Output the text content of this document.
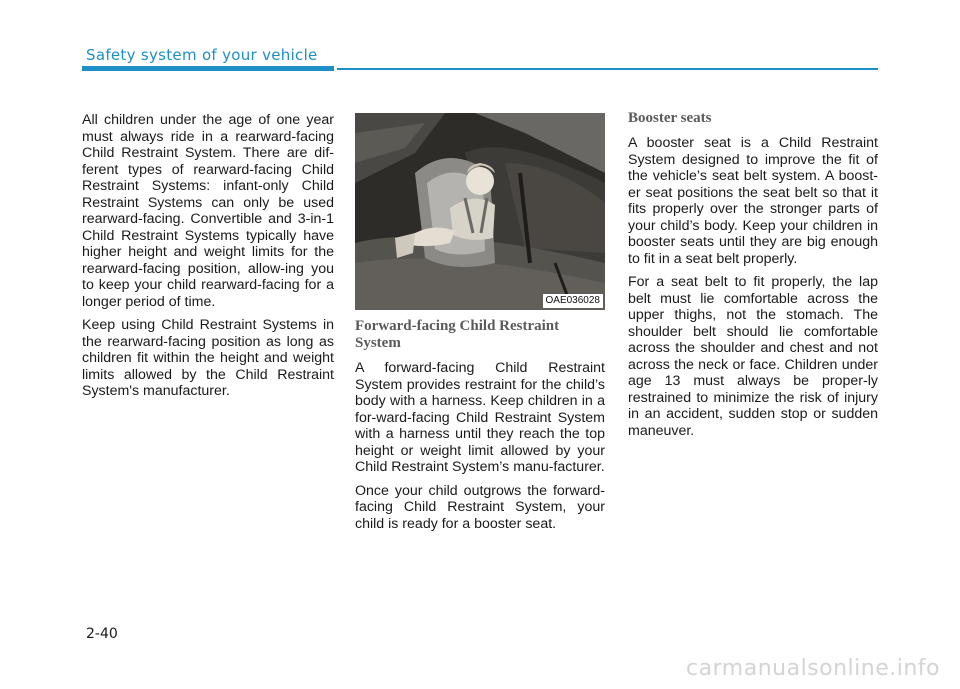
Safety system of your vehicle

All children under the age of one year must always ride in a rearward-facing Child Restraint System. There are dif-ferent types of rearward-facing Child Restraint Systems: infant-only Child Restraint Systems can only be used rearward-facing. Convertible and 3-in-1 Child Restraint Systems typically have higher height and weight limits for the rearward-facing position, allow-ing you to keep your child rearward-facing for a longer period of time.

Keep using Child Restraint Systems in the rearward-facing position as long as children fit within the height and weight limits allowed by the Child Restraint System's manufacturer.

OAE036028
Forward-facing Child Restraint System

A forward-facing Child Restraint System provides restraint for the child’s body with a harness. Keep children in a for-ward-facing Child Restraint System with a harness until they reach the top height or weight limit allowed by your Child Restraint System’s manu-facturer.

Once your child outgrows the forward-facing Child Restraint System, your child is ready for a booster seat.

Booster seats

A booster seat is a Child Restraint System designed to improve the fit of the vehicle’s seat belt system. A boost-er seat positions the seat belt so that it fits properly over the stronger parts of your child’s body. Keep your children in booster seats until they are big enough to fit in a seat belt properly.

For a seat belt to fit properly, the lap belt must lie comfortable across the upper thighs, not the stomach. The shoulder belt should lie comfortable across the shoulder and chest and not across the neck or face. Children under age 13 must always be proper-ly restrained to minimize the risk of injury in an accident, sudden stop or sudden maneuver.

2-40
carmanualsonline.info
